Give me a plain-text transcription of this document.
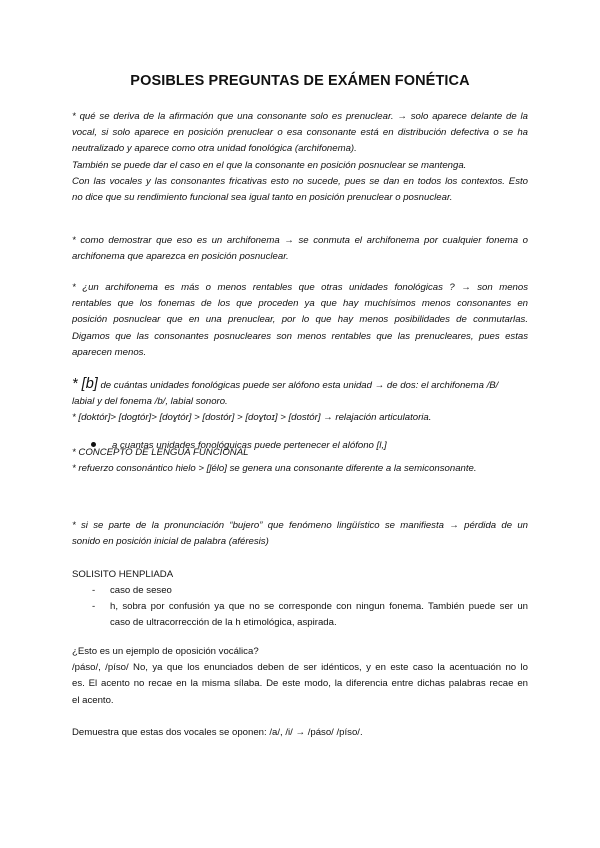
POSIBLES PREGUNTAS DE EXÁMEN FONÉTICA
* qué se deriva de la afirmación que una consonante solo es prenuclear. → solo aparece delante de la
vocal, si solo aparece en posición prenuclear o esa consonante está en distribución defectiva o se ha
neutralizado y aparece como otra unidad fonológica (archifonema).
También se puede dar el caso en el que la consonante en posición posnuclear se mantenga.
Con las vocales y las consonantes fricativas esto no sucede, pues se dan en todos los contextos. Esto
no dice que su rendimiento funcional sea igual tanto en posición prenuclear o posnuclear.
* como demostrar que eso es un archifonema → se conmuta el archifonema por cualquier fonema o
archifonema que aparezca en posición posnuclear.
* ¿un archifonema es más o menos rentables que otras unidades fonológicas ? → son menos
rentables que los fonemas de los que proceden ya que hay muchísimos menos consonantes en
posición posnuclear que en una prenuclear, por lo que hay menos posibilidades de conmutarlas.
Digamos que las consonantes posnucleares son menos rentables que las prenucleares, pues estas
aparecen menos.
* [b] de cuántas unidades fonológicas puede ser alófono esta unidad → de dos: el archifonema /B/
labial y del fonema /b/, labial sonoro.
* [doktór]> [dogtór]> [doɣtór] > [dostór] > [doɣtoɪ] > [dostór] → relajación articulatoria.
a cuantas unidades fonológuicas puede pertenecer el alófono [l,]
* CONCEPTO DE LENGUA FUNCIONAL
* refuerzo consonántico hielo > [ǰélo] se genera una consonante diferente a la semiconsonante.
* si se parte de la pronunciación “bujero” que fenómeno lingüístico se manifiesta → pérdida de un
sonido en posición inicial de palabra (aféresis)
SOLISITO HENPLIADA
- caso de seseo
- h, sobra por confusión ya que no se corresponde con ningun fonema. También puede ser un
caso de ultracorrección de la h etimológica, aspirada.
¿Esto es un ejemplo de oposición vocálica?
/páso/, /píso/ No, ya que los enunciados deben de ser idénticos, y en este caso la acentuación no lo
es. El acento no recae en la misma sílaba. De este modo, la diferencia entre dichas palabras recae en
el acento.
Demuestra que estas dos vocales se oponen: /a/, /i/ → /páso/ /píso/.
